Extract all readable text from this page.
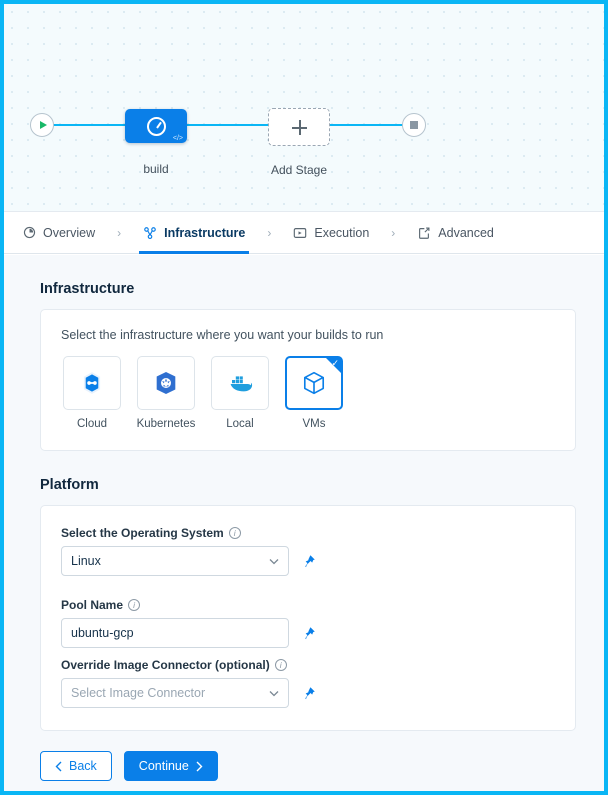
</>
build	Add Stage
Overview ›	Infrastructure ›	Execution ›	Advanced
Infrastructure
Select the infrastructure where you want your builds to run
Cloud	Kubernetes	Local
✓
VMs
Platform
Select the Operating System	i
Linux
Pool Name	i
ubuntu-gcp
Override Image Connector (optional)	i
Select Image Connector
Back	Continue
